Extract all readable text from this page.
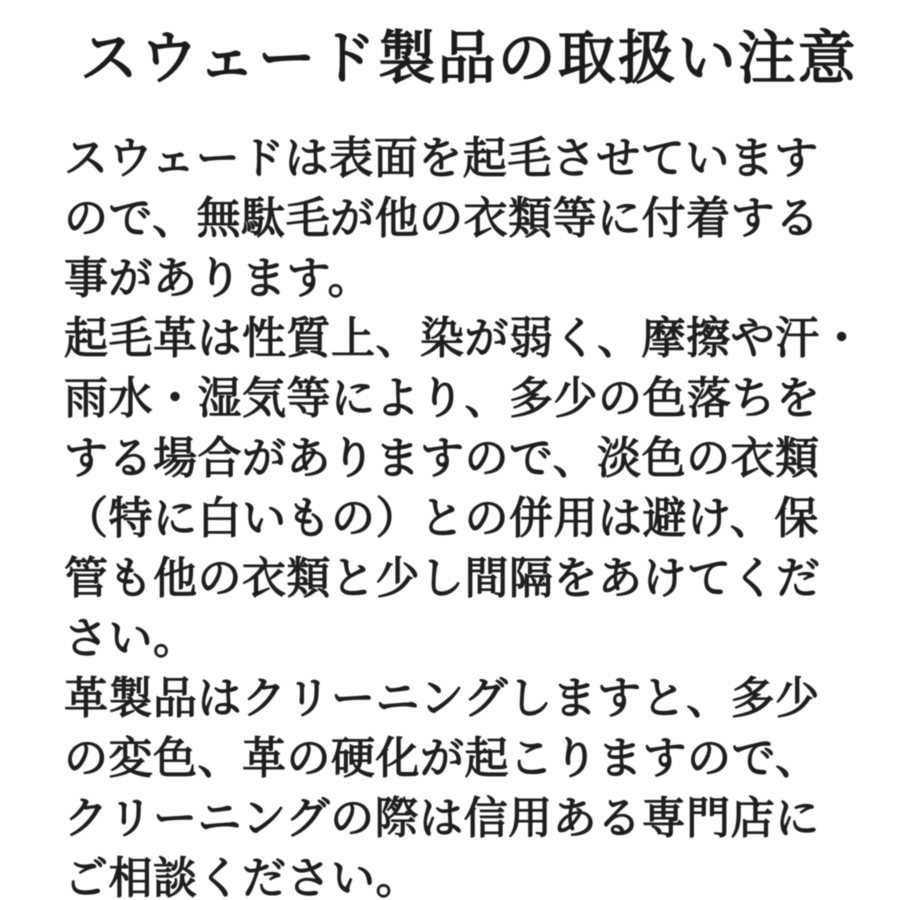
スウェード製品の取扱い注意
スウェードは表面を起毛させています
ので、無駄毛が他の衣類等に付着する
事があります。
起毛革は性質上、染が弱く、摩擦や汗・
雨水・湿気等により、多少の色落ちを
する場合がありますので、淡色の衣類
（特に白いもの）との併用は避け、保
管も他の衣類と少し間隔をあけてくだ
さい。
革製品はクリーニングしますと、多少
の変色、革の硬化が起こりますので、
クリーニングの際は信用ある専門店に
ご相談ください。
